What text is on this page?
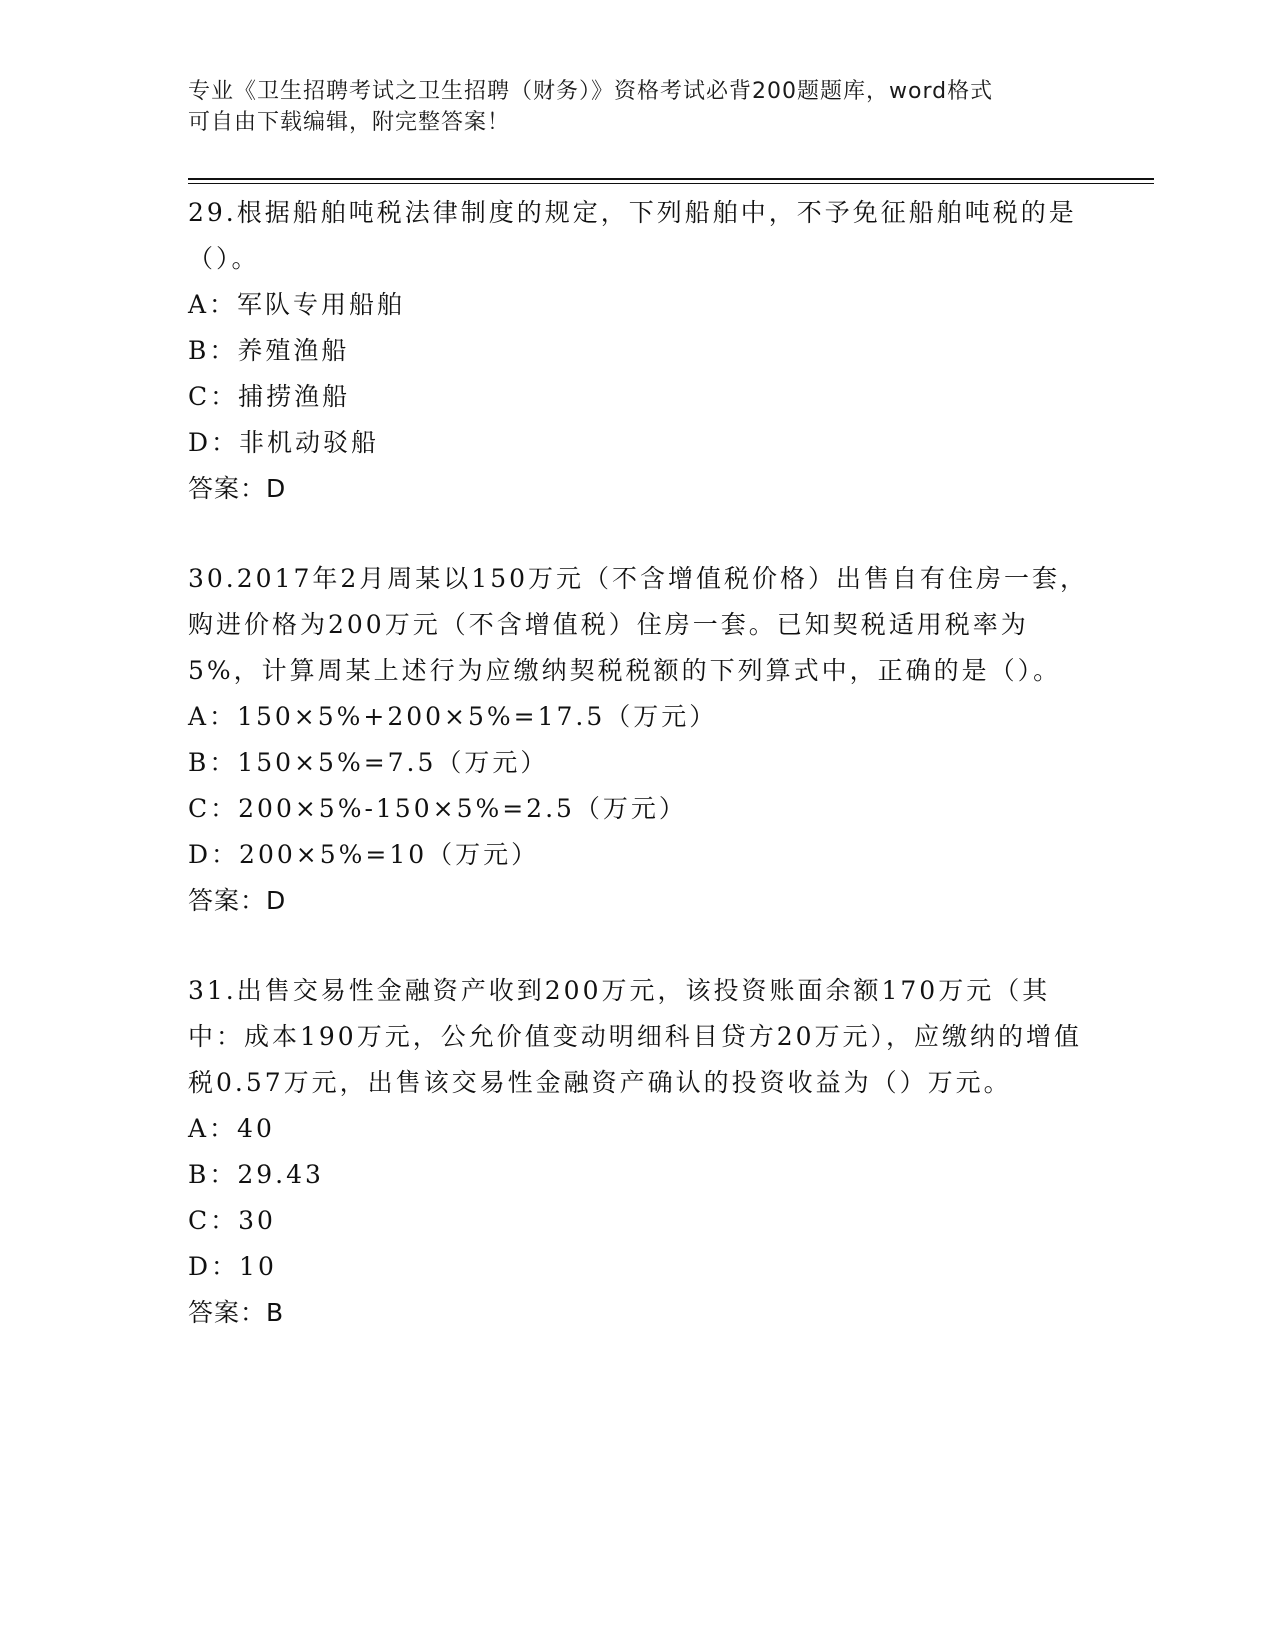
专业《卫生招聘考试之卫生招聘（财务）》资格考试必背200题题库，word格式
可自由下载编辑，附完整答案！

29.根据船舶吨税法律制度的规定，下列船舶中，不予免征船舶吨税的是（）。

A：军队专用船舶

B：养殖渔船

C：捕捞渔船

D：非机动驳船

答案：D

30.2017年2月周某以150万元（不含增值税价格）出售自有住房一套，购进价格为200万元（不含增值税）住房一套。已知契税适用税率为5%，计算周某上述行为应缴纳契税税额的下列算式中，正确的是（）。

A：150×5%+200×5%=17.5（万元）

B：150×5%=7.5（万元）

C：200×5%-150×5%=2.5（万元）

D：200×5%=10（万元）

答案：D

31.出售交易性金融资产收到200万元，该投资账面余额170万元（其中：成本190万元，公允价值变动明细科目贷方20万元），应缴纳的增值税0.57万元，出售该交易性金融资产确认的投资收益为（）万元。

A：40

B：29.43

C：30

D：10

答案：B
